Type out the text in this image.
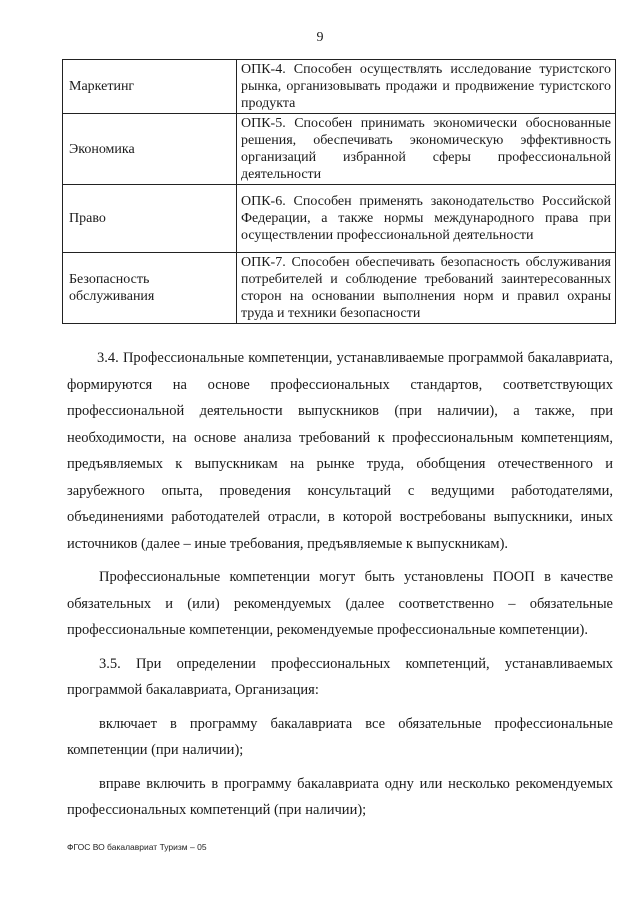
9
Маркетинг	ОПК-4. Способен осуществлять исследование туристского рынка, организовывать продажи и продвижение туристского продукта
Экономика	ОПК-5. Способен принимать экономически обоснованные решения, обеспечивать экономическую эффективность организаций избранной сферы профессиональной деятельности
Право	ОПК-6. Способен применять законодательство Российской Федерации, а также нормы международного права при осуществлении профессиональной деятельности
Безопасность обслуживания	ОПК-7. Способен обеспечивать безопасность обслуживания потребителей и соблюдение требований заинтересованных сторон на основании выполнения норм и правил охраны труда и техники безопасности

3.4. Профессиональные компетенции, устанавливаемые программой бакалавриата, формируются на основе профессиональных стандартов, соответствующих профессиональной деятельности выпускников (при наличии), а также, при необходимости, на основе анализа требований к профессиональным компетенциям, предъявляемых к выпускникам на рынке труда, обобщения отечественного и зарубежного опыта, проведения консультаций с ведущими работодателями, объединениями работодателей отрасли, в которой востребованы выпускники, иных источников (далее – иные требования, предъявляемые к выпускникам).

Профессиональные компетенции могут быть установлены ПООП в качестве обязательных и (или) рекомендуемых (далее соответственно – обязательные профессиональные компетенции, рекомендуемые профессиональные компетенции).

3.5. При определении профессиональных компетенций, устанавливаемых программой бакалавриата, Организация:

включает в программу бакалавриата все обязательные профессиональные компетенции (при наличии);

вправе включить в программу бакалавриата одну или несколько рекомендуемых профессиональных компетенций (при наличии);

ФГОС ВО бакалавриат Туризм – 05
